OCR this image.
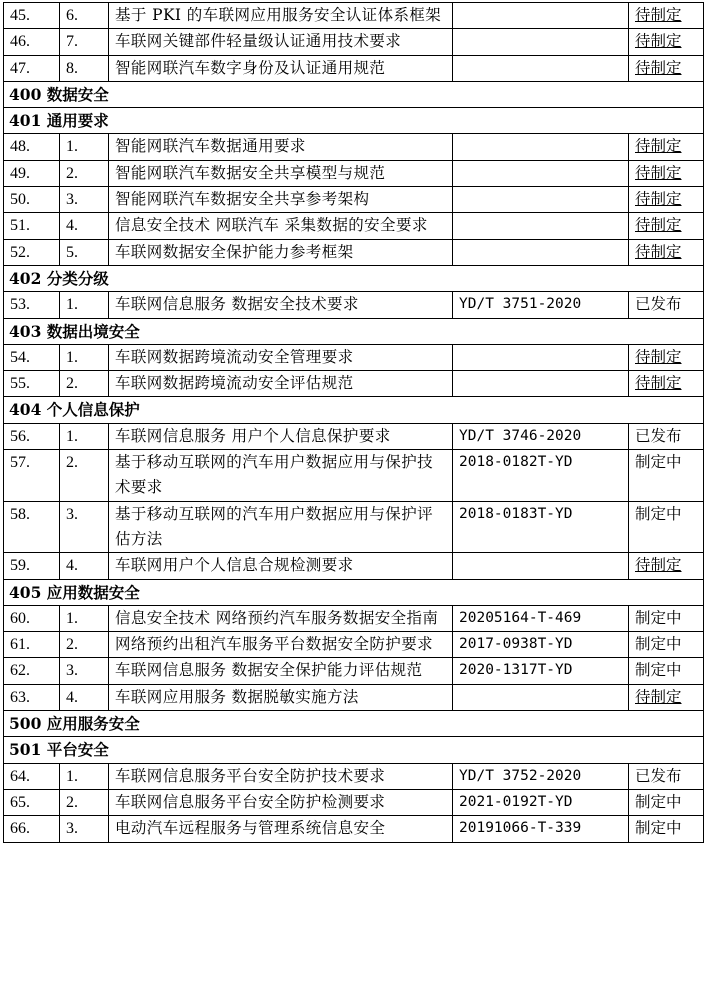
45.	6.	基于 PKI 的车联网应用服务安全认证体系框架		待制定
46.	7.	车联网关键部件轻量级认证通用技术要求		待制定
47.	8.	智能网联汽车数字身份及认证通用规范		待制定
400 数据安全				
401 通用要求				
48.	1.	智能网联汽车数据通用要求		待制定
49.	2.	智能网联汽车数据安全共享模型与规范		待制定
50.	3.	智能网联汽车数据安全共享参考架构		待制定
51.	4.	信息安全技术 网联汽车 采集数据的安全要求		待制定
52.	5.	车联网数据安全保护能力参考框架		待制定
402 分类分级				
53.	1.	车联网信息服务 数据安全技术要求	YD/T 3751-2020	已发布
403 数据出境安全				
54.	1.	车联网数据跨境流动安全管理要求		待制定
55.	2.	车联网数据跨境流动安全评估规范		待制定
404 个人信息保护				
56.	1.	车联网信息服务 用户个人信息保护要求	YD/T 3746-2020	已发布
57.	2.	基于移动互联网的汽车用户数据应用与保护技术要求	2018-0182T-YD	制定中
58.	3.	基于移动互联网的汽车用户数据应用与保护评估方法	2018-0183T-YD	制定中
59.	4.	车联网用户个人信息合规检测要求		待制定
405 应用数据安全				
60.	1.	信息安全技术 网络预约汽车服务数据安全指南	20205164-T-469	制定中
61.	2.	网络预约出租汽车服务平台数据安全防护要求	2017-0938T-YD	制定中
62.	3.	车联网信息服务 数据安全保护能力评估规范	2020-1317T-YD	制定中
63.	4.	车联网应用服务 数据脱敏实施方法		待制定
500 应用服务安全				
501 平台安全				
64.	1.	车联网信息服务平台安全防护技术要求	YD/T 3752-2020	已发布
65.	2.	车联网信息服务平台安全防护检测要求	2021-0192T-YD	制定中
66.	3.	电动汽车远程服务与管理系统信息安全	20191066-T-339	制定中
